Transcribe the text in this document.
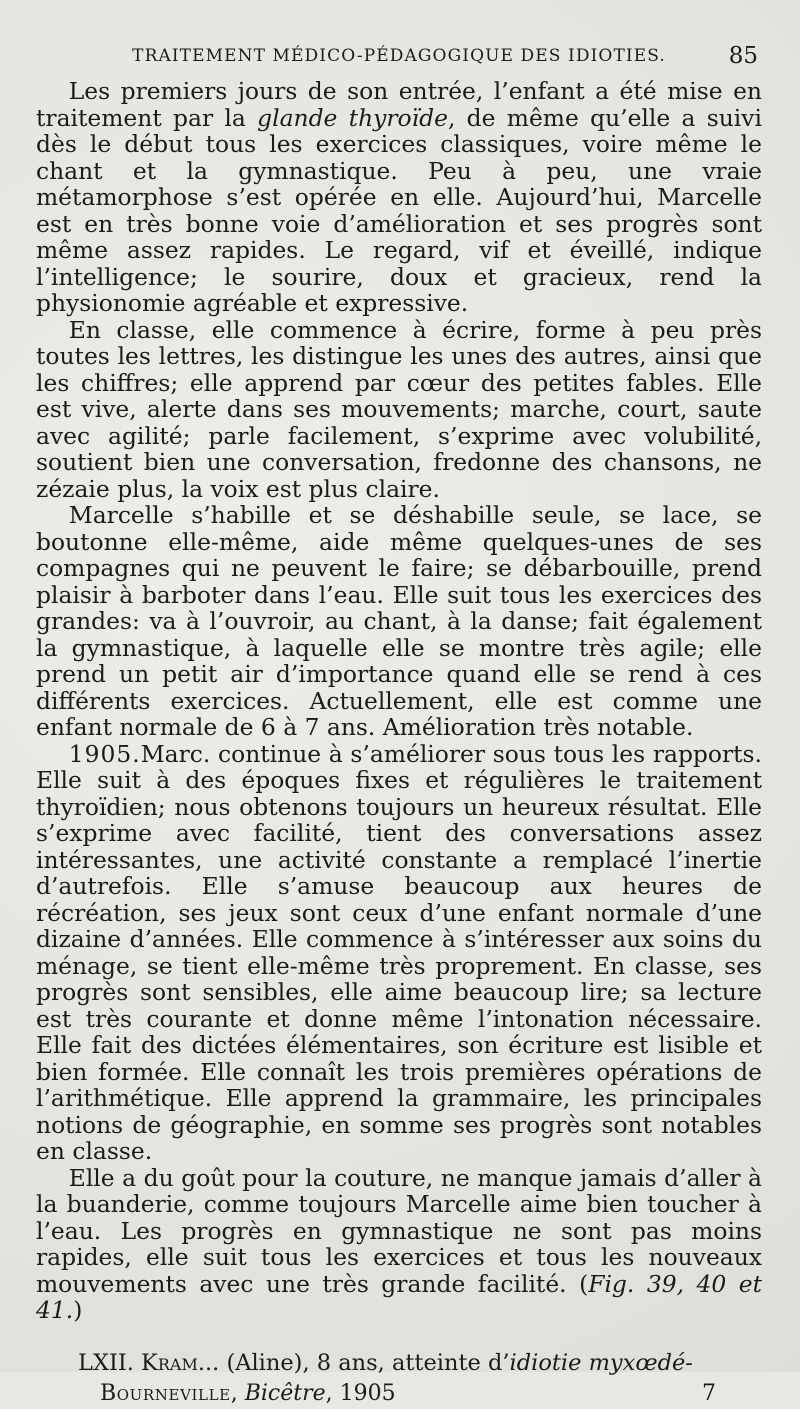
TRAITEMENT MÉDICO-PÉDAGOGIQUE DES IDIOTIES.	85

Les premiers jours de son entrée, l’enfant a été mise en traitement par la glande thyroïde, de même qu’elle a suivi dès le début tous les exercices classiques, voire même le chant et la gymnastique. Peu à peu, une vraie métamorphose s’est opérée en elle. Aujourd’hui, Marcelle est en très bonne voie d’amélioration et ses progrès sont même assez rapides. Le regard, vif et éveillé, indique l’intelligence; le sourire, doux et gracieux, rend la physionomie agréable et expressive.

En classe, elle commence à écrire, forme à peu près toutes les lettres, les distingue les unes des autres, ainsi que les chiffres; elle apprend par cœur des petites fables. Elle est vive, alerte dans ses mouvements; marche, court, saute avec agilité; parle facilement, s’exprime avec volubilité, soutient bien une conversation, fredonne des chansons, ne zézaie plus, la voix est plus claire.

Marcelle s’habille et se déshabille seule, se lace, se boutonne elle-même, aide même quelques-unes de ses compagnes qui ne peuvent le faire; se débarbouille, prend plaisir à barboter dans l’eau. Elle suit tous les exercices des grandes: va à l’ouvroir, au chant, à la danse; fait également la gymnastique, à laquelle elle se montre très agile; elle prend un petit air d’importance quand elle se rend à ces différents exercices. Actuellement, elle est comme une enfant normale de 6 à 7 ans. Amélioration très notable.

1905.Marc. continue à s’améliorer sous tous les rapports. Elle suit à des époques fixes et régulières le traitement thyroïdien; nous obtenons toujours un heureux résultat. Elle s’exprime avec facilité, tient des conversations assez intéressantes, une activité constante a remplacé l’inertie d’autrefois. Elle s’amuse beaucoup aux heures de récréation, ses jeux sont ceux d’une enfant normale d’une dizaine d’années. Elle commence à s’intéresser aux soins du ménage, se tient elle-même très proprement. En classe, ses progrès sont sensibles, elle aime beaucoup lire; sa lecture est très courante et donne même l’intonation nécessaire. Elle fait des dictées élémentaires, son écriture est lisible et bien formée. Elle connaît les trois premières opérations de l’arithmétique. Elle apprend la grammaire, les principales notions de géographie, en somme ses progrès sont notables en classe.

Elle a du goût pour la couture, ne manque jamais d’aller à la buanderie, comme toujours Marcelle aime bien toucher à l’eau. Les progrès en gymnastique ne sont pas moins rapides, elle suit tous les exercices et tous les nouveaux mouvements avec une très grande facilité. (Fig. 39, 40 et 41.)

LXII. Kram... (Aline), 8 ans, atteinte d’idiotie myxœdé-
Bourneville, Bicêtre, 1905	7
